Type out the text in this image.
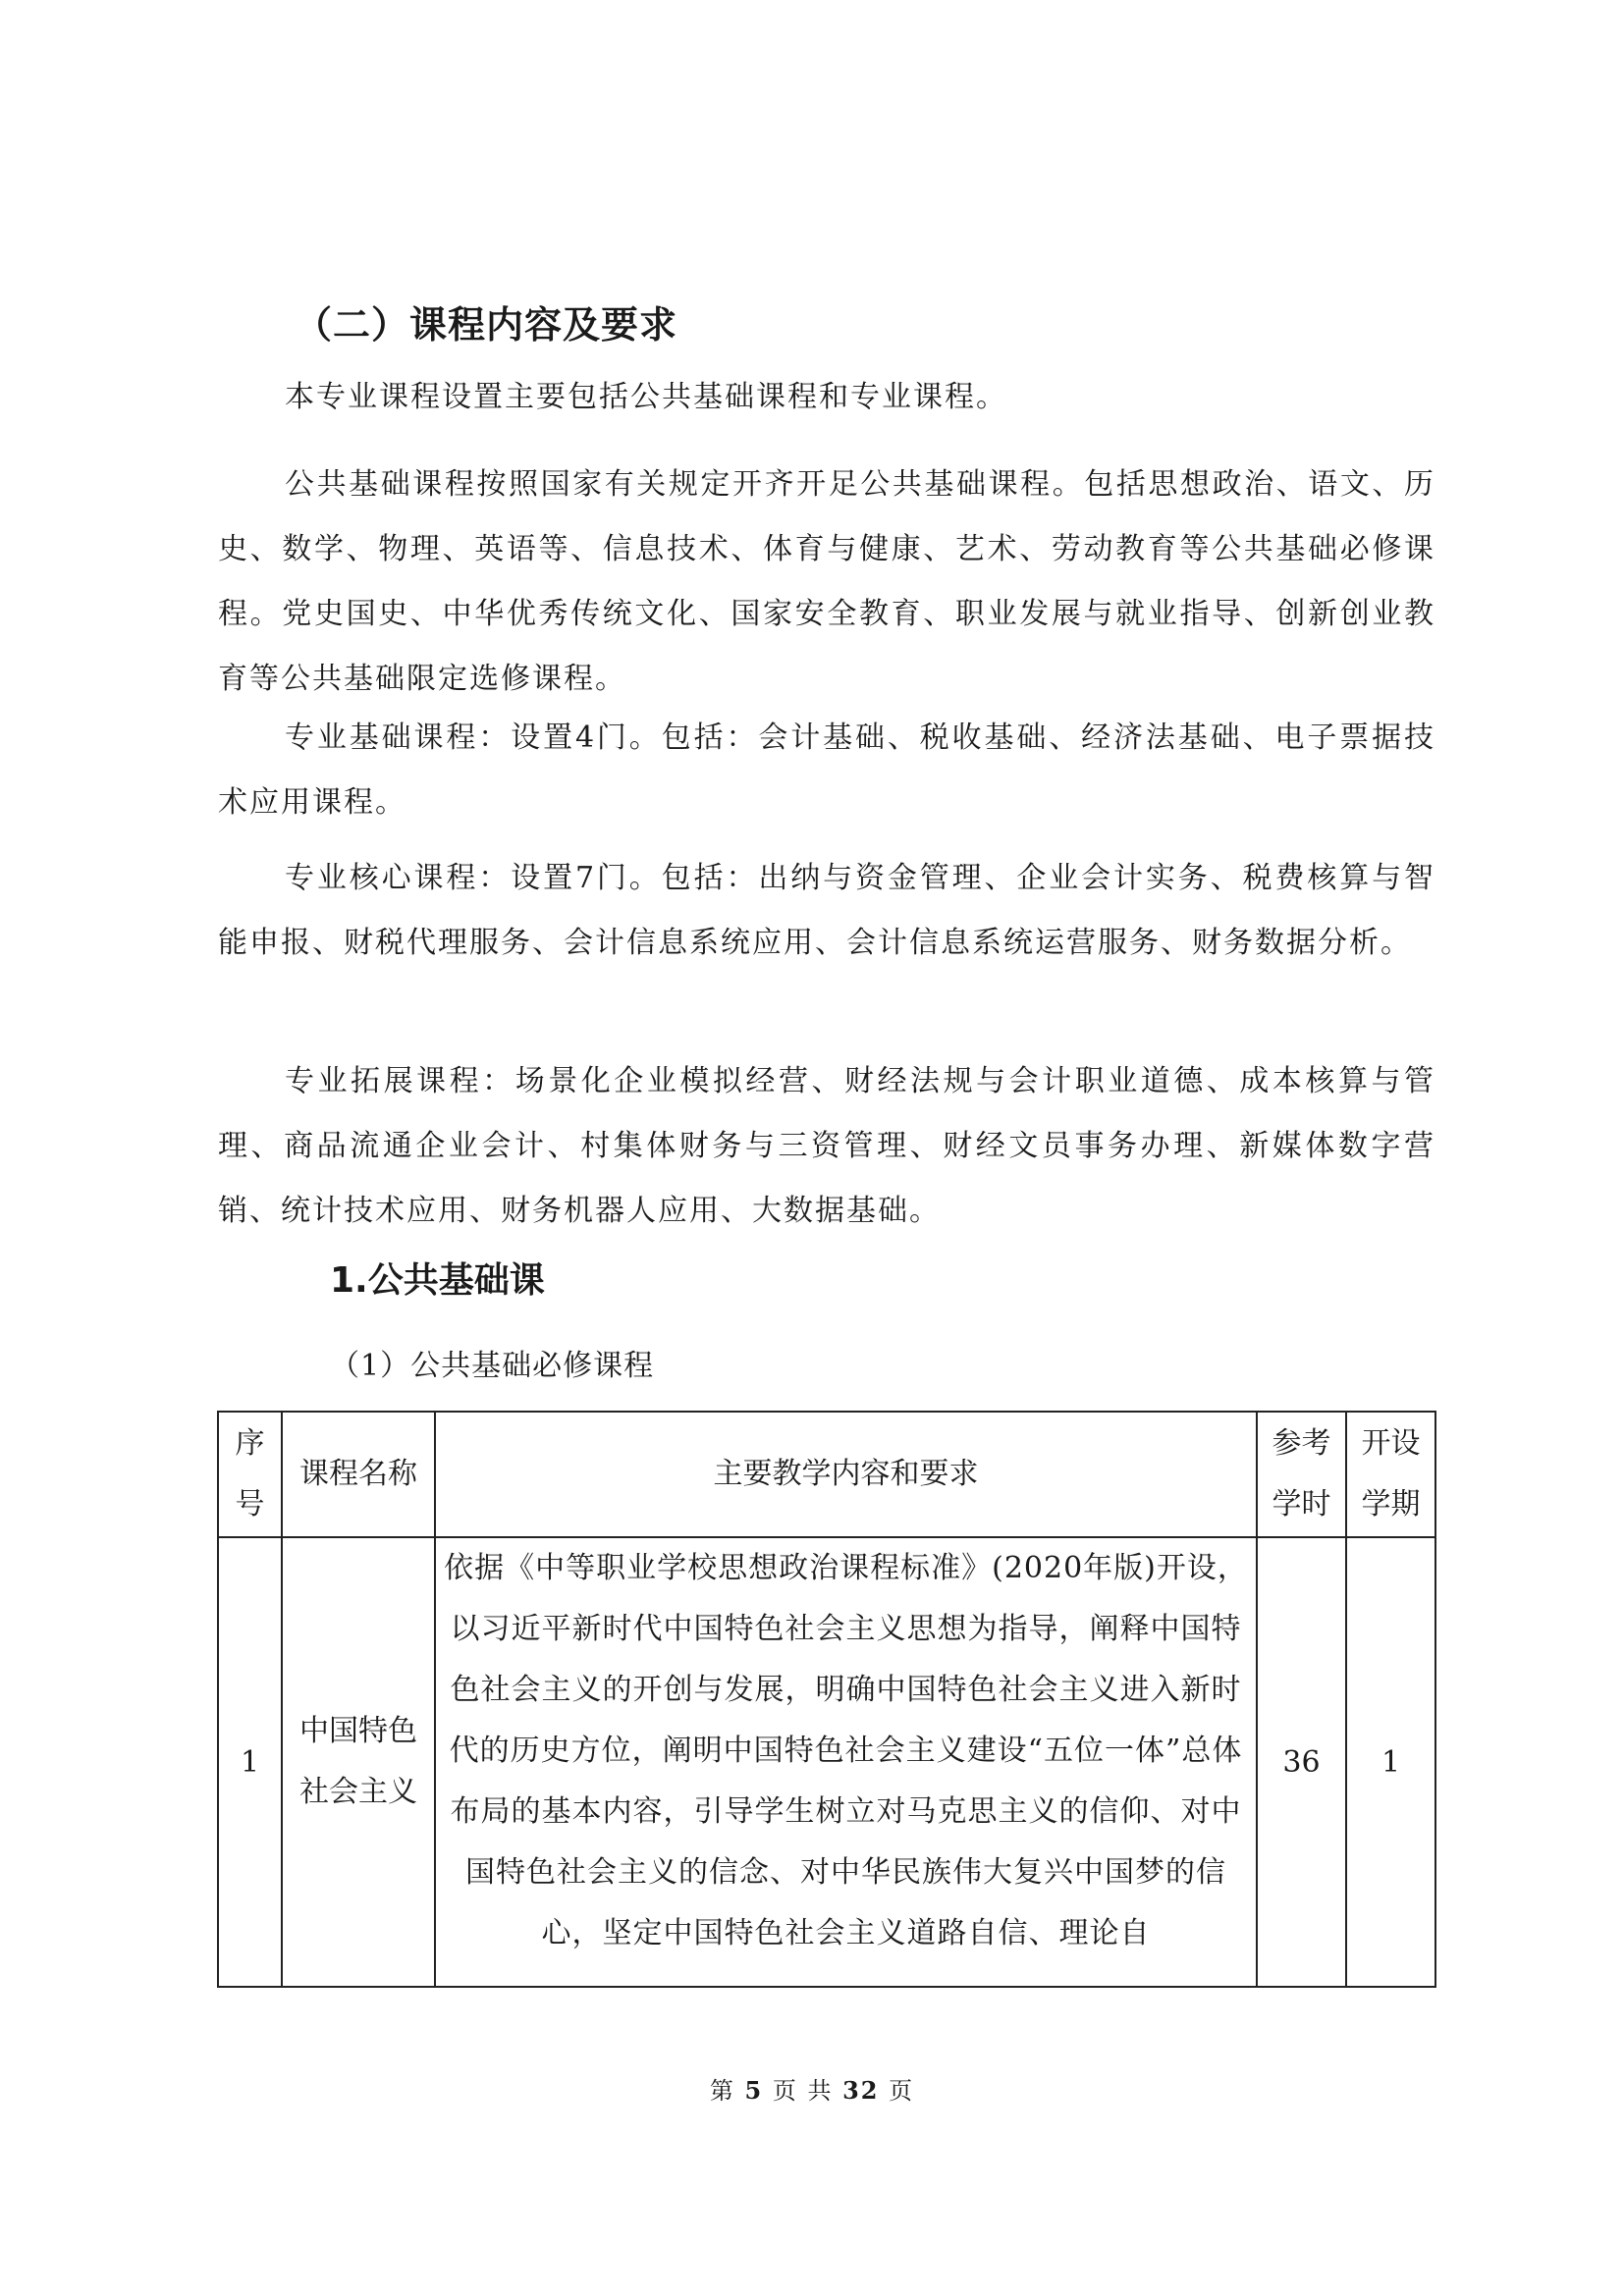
（二）课程内容及要求

本专业课程设置主要包括公共基础课程和专业课程。

公共基础课程按照国家有关规定开齐开足公共基础课程。包括思想政治、语文、历史、数学、物理、英语等、信息技术、体育与健康、艺术、劳动教育等公共基础必修课程。党史国史、中华优秀传统文化、国家安全教育、职业发展与就业指导、创新创业教育等公共基础限定选修课程。

专业基础课程：设置4门。包括：会计基础、税收基础、经济法基础、电子票据技术应用课程。

专业核心课程：设置7门。包括：出纳与资金管理、企业会计实务、税费核算与智能申报、财税代理服务、会计信息系统应用、会计信息系统运营服务、财务数据分析。

专业拓展课程：场景化企业模拟经营、财经法规与会计职业道德、成本核算与管理、商品流通企业会计、村集体财务与三资管理、财经文员事务办理、新媒体数字营销、统计技术应用、财务机器人应用、大数据基础。

1.公共基础课
（1）公共基础必修课程
序号	课程名称	主要教学内容和要求	参考学时	开设学期

1	中国特色社会主义	依据《中等职业学校思想政治课程标准》(2020年版)开设，以习近平新时代中国特色社会主义思想为指导，阐释中国特色社会主义的开创与发展，明确中国特色社会主义进入新时代的历史方位，阐明中国特色社会主义建设“五位一体”总体布局的基本内容，引导学生树立对马克思主义的信仰、对中国特色社会主义的信念、对中华民族伟大复兴中国梦的信心，坚定中国特色社会主义道路自信、理论自	36	1
第 5 页 共 32 页
